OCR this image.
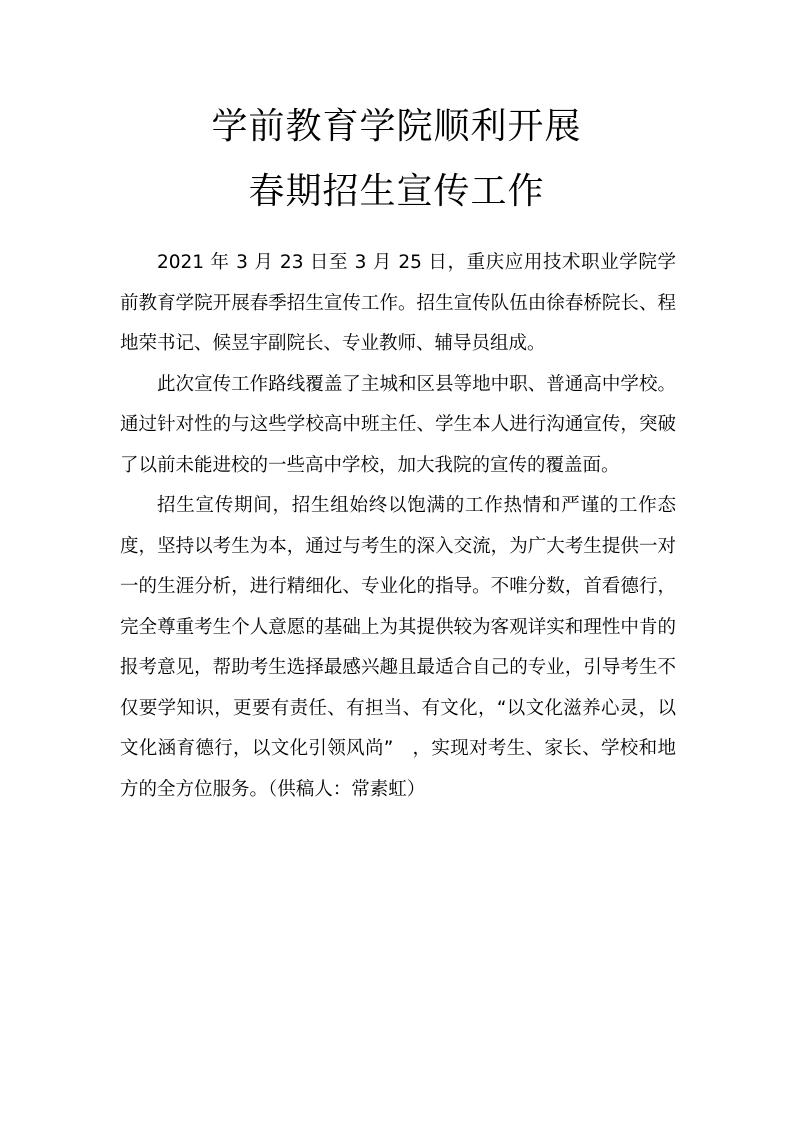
学前教育学院顺利开展
春期招生宣传工作

2021 年 3 月 23 日至 3 月 25 日，重庆应用技术职业学院学前教育学院开展春季招生宣传工作。招生宣传队伍由徐春桥院长、程地荣书记、候昱宇副院长、专业教师、辅导员组成。

此次宣传工作路线覆盖了主城和区县等地中职、普通高中学校。通过针对性的与这些学校高中班主任、学生本人进行沟通宣传，突破了以前未能进校的一些高中学校，加大我院的宣传的覆盖面。

招生宣传期间，招生组始终以饱满的工作热情和严谨的工作态度，坚持以考生为本，通过与考生的深入交流，为广大考生提供一对一的生涯分析，进行精细化、专业化的指导。不唯分数，首看德行，完全尊重考生个人意愿的基础上为其提供较为客观详实和理性中肯的报考意见，帮助考生选择最感兴趣且最适合自己的专业，引导考生不仅要学知识，更要有责任、有担当、有文化，“以文化滋养心灵，以文化涵育德行，以文化引领风尚”　，实现对考生、家长、学校和地方的全方位服务。（供稿人：常素虹）
